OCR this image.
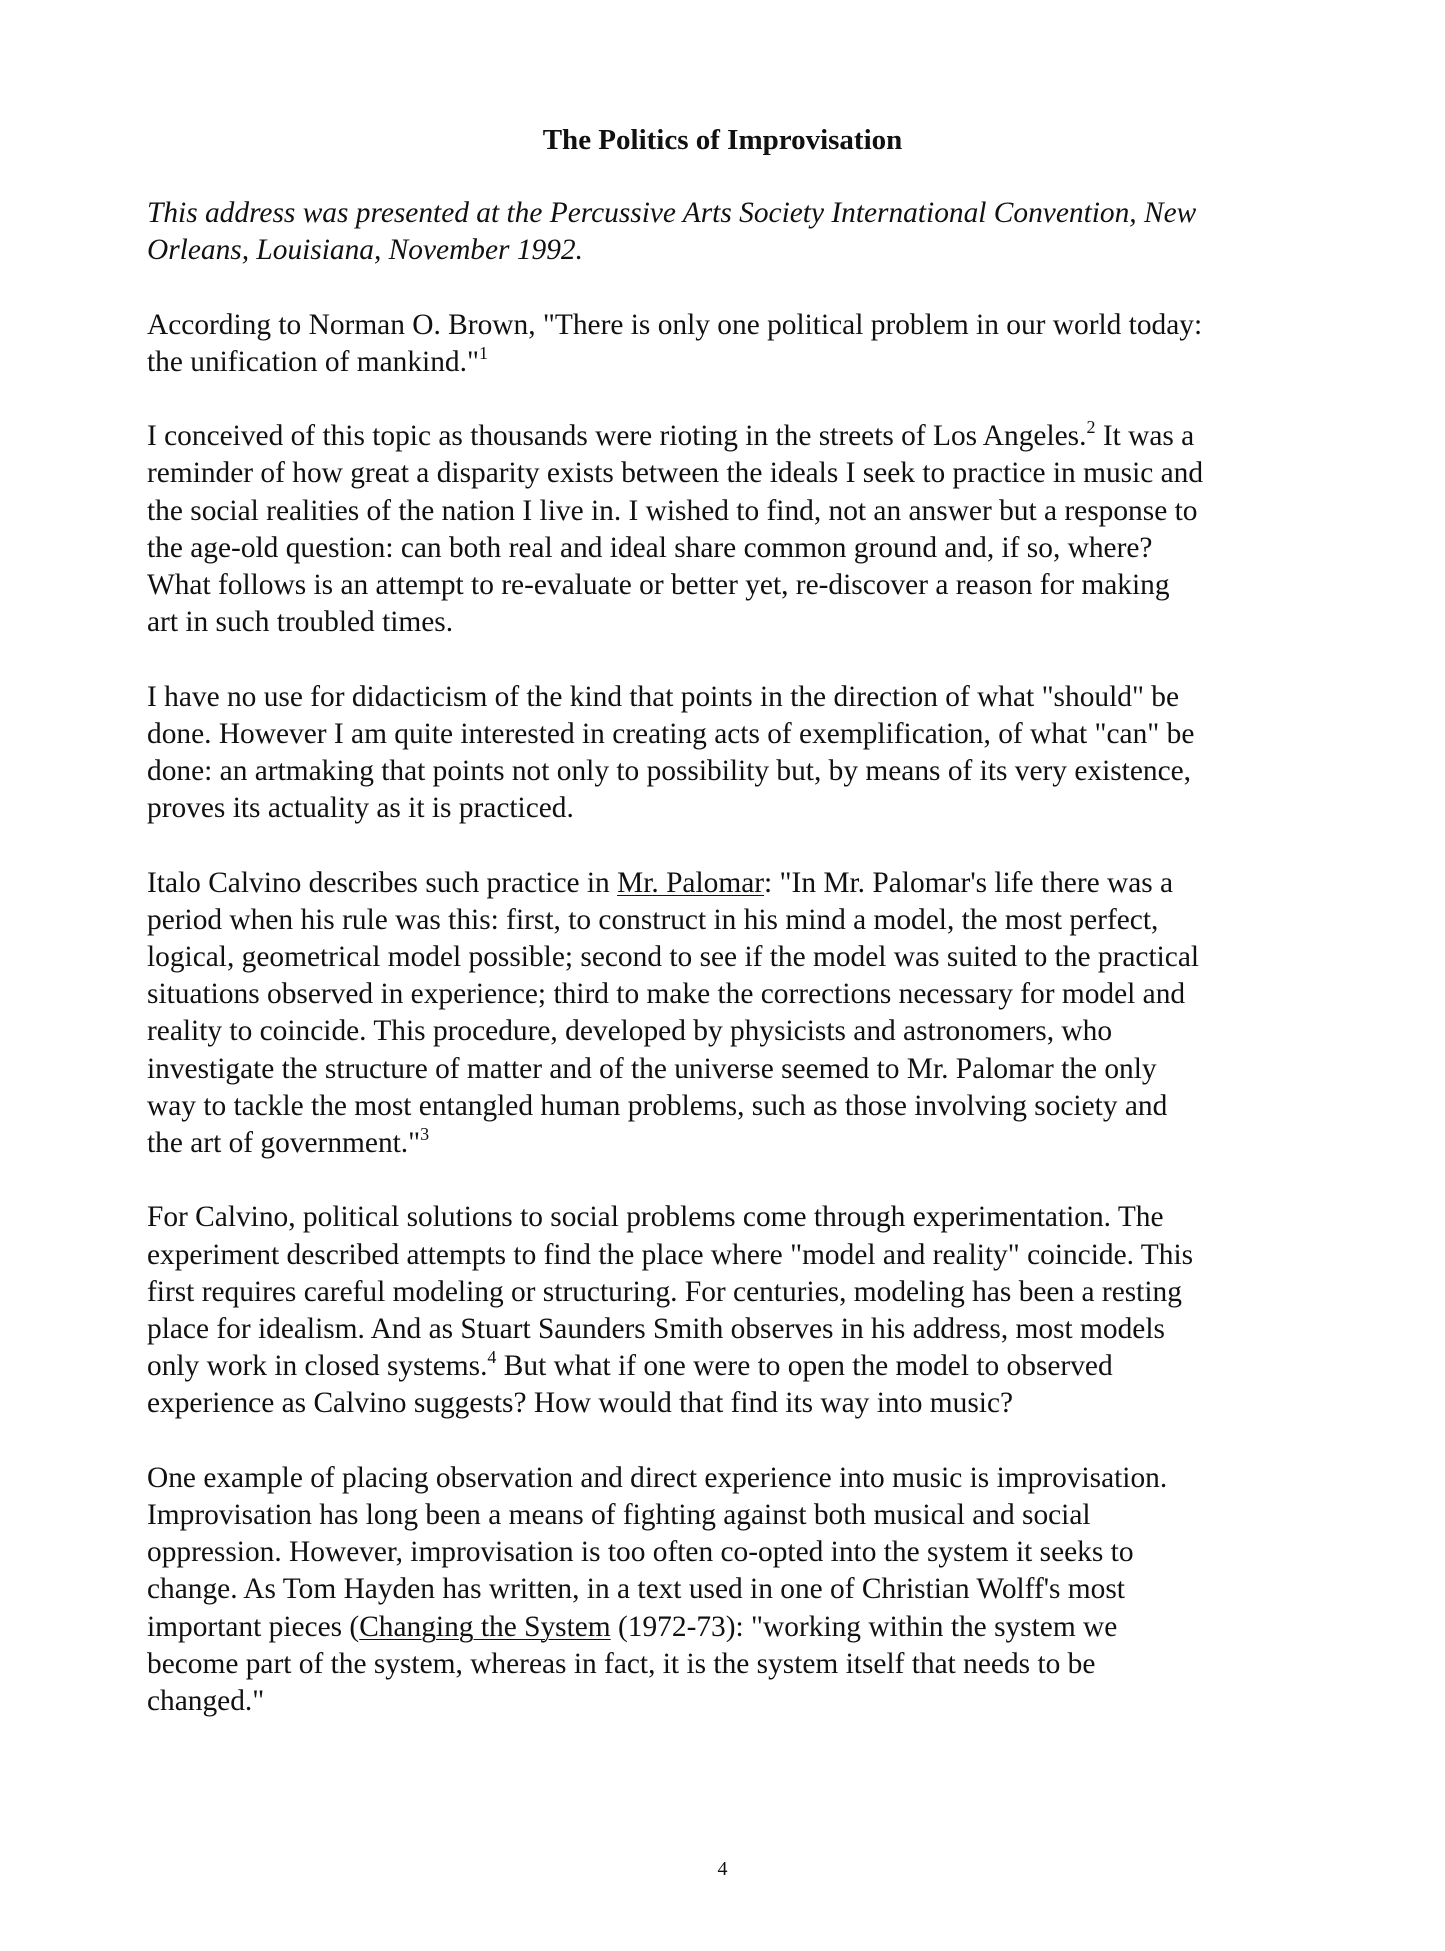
The Politics of Improvisation

This address was presented at the Percussive Arts Society International Convention, New
Orleans, Louisiana, November 1992.

According to Norman O. Brown, "There is only one political problem in our world today:
the unification of mankind."$^1$

I conceived of this topic as thousands were rioting in the streets of Los Angeles.$^2$ It was a
reminder of how great a disparity exists between the ideals I seek to practice in music and
the social realities of the nation I live in. I wished to find, not an answer but a response to
the age-old question: can both real and ideal share common ground and, if so, where?
What follows is an attempt to re-evaluate or better yet, re-discover a reason for making
art in such troubled times.

I have no use for didacticism of the kind that points in the direction of what "should" be
done. However I am quite interested in creating acts of exemplification, of what "can" be
done: an artmaking that points not only to possibility but, by means of its very existence,
proves its actuality as it is practiced.

Italo Calvino describes such practice in Mr. Palomar: "In Mr. Palomar's life there was a
period when his rule was this: first, to construct in his mind a model, the most perfect,
logical, geometrical model possible; second to see if the model was suited to the practical
situations observed in experience; third to make the corrections necessary for model and
reality to coincide. This procedure, developed by physicists and astronomers, who
investigate the structure of matter and of the universe seemed to Mr. Palomar the only
way to tackle the most entangled human problems, such as those involving society and
the art of government."$^3$

For Calvino, political solutions to social problems come through experimentation. The
experiment described attempts to find the place where "model and reality" coincide. This
first requires careful modeling or structuring. For centuries, modeling has been a resting
place for idealism. And as Stuart Saunders Smith observes in his address, most models
only work in closed systems.$^4$ But what if one were to open the model to observed
experience as Calvino suggests? How would that find its way into music?

One example of placing observation and direct experience into music is improvisation.
Improvisation has long been a means of fighting against both musical and social
oppression. However, improvisation is too often co-opted into the system it seeks to
change. As Tom Hayden has written, in a text used in one of Christian Wolff's most
important pieces (Changing the System (1972-73): "working within the system we
become part of the system, whereas in fact, it is the system itself that needs to be
changed."

4
